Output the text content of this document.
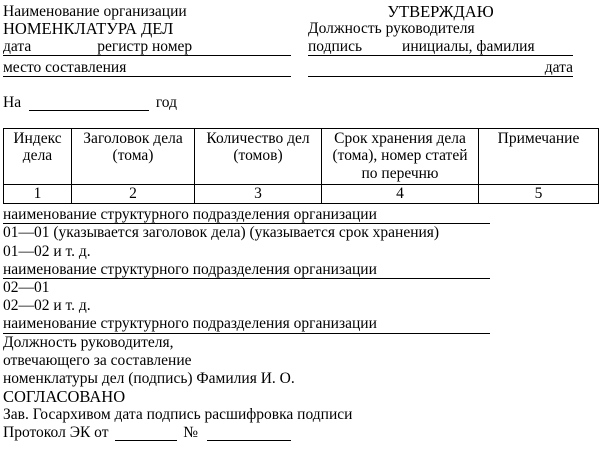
Наименование организации
НОМЕНКЛАТУРА ДЕЛ
дата	регистр номер
место составления
УТВЕРЖДАЮ
Должность руководителя
подпись	инициалы, фамилия
дата
На	год
Индекс дела	Заголовок дела (тома)	Количество дел (томов)	Срок хранения дела (тома), номер статей по перечню	Примечание
1	2	3	4	5
наименование структурного подразделения организации
01—01 (указывается заголовок дела) (указывается срок хранения)
01—02 и т. д.
наименование структурного подразделения организации
02—01
02—02 и т. д.
наименование структурного подразделения организации
Должность руководителя,
отвечающего за составление
номенклатуры дел (подпись) Фамилия И. О.
СОГЛАСОВАНО
Зав. Госархивом дата подпись расшифровка подписи
Протокол ЭК от	№
